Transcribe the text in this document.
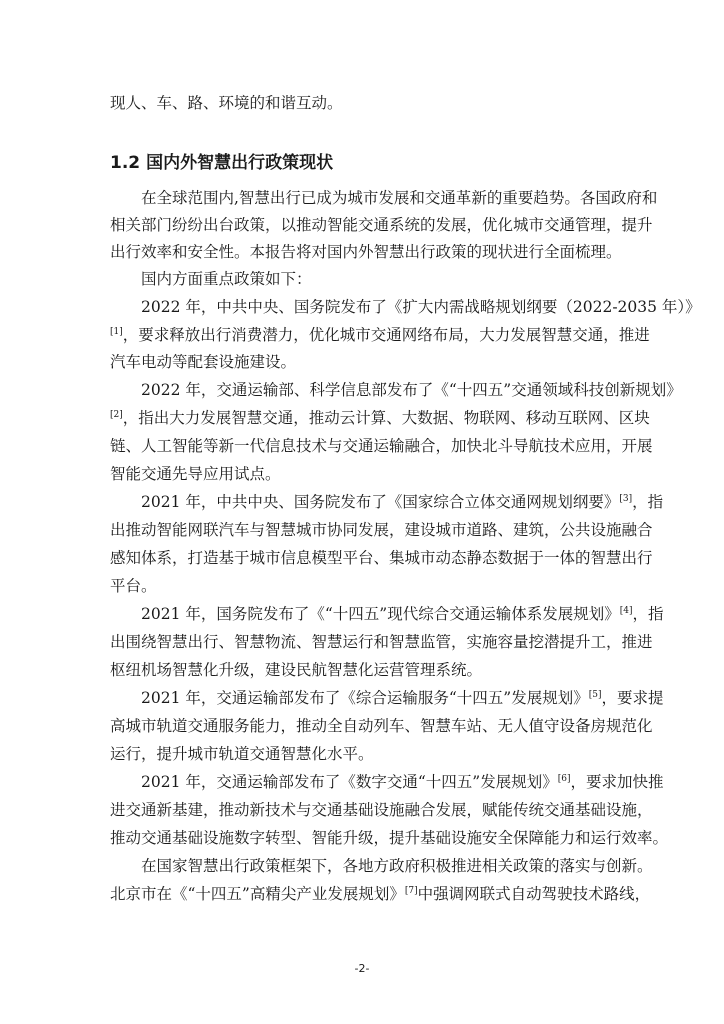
现人、车、路、环境的和谐互动。
1.2 国内外智慧出行政策现状
在全球范围内,智慧出行已成为城市发展和交通革新的重要趋势。各国政府和
相关部门纷纷出台政策，以推动智能交通系统的发展，优化城市交通管理，提升
出行效率和安全性。本报告将对国内外智慧出行政策的现状进行全面梳理。
国内方面重点政策如下：
2022 年，中共中央、国务院发布了《扩大内需战略规划纲要（2022-2035 年）》
[1]，要求释放出行消费潜力，优化城市交通网络布局，大力发展智慧交通，推进
汽车电动等配套设施建设。
2022 年，交通运输部、科学信息部发布了《“十四五”交通领域科技创新规划》
[2]，指出大力发展智慧交通，推动云计算、大数据、物联网、移动互联网、区块
链、人工智能等新一代信息技术与交通运输融合，加快北斗导航技术应用，开展
智能交通先导应用试点。
2021 年，中共中央、国务院发布了《国家综合立体交通网规划纲要》[3]，指
出推动智能网联汽车与智慧城市协同发展，建设城市道路、建筑，公共设施融合
感知体系，打造基于城市信息模型平台、集城市动态静态数据于一体的智慧出行
平台。
2021 年，国务院发布了《“十四五”现代综合交通运输体系发展规划》[4]，指
出围绕智慧出行、智慧物流、智慧运行和智慧监管，实施容量挖潜提升工，推进
枢纽机场智慧化升级，建设民航智慧化运营管理系统。
2021 年，交通运输部发布了《综合运输服务“十四五”发展规划》[5]，要求提
高城市轨道交通服务能力，推动全自动列车、智慧车站、无人值守设备房规范化
运行，提升城市轨道交通智慧化水平。
2021 年，交通运输部发布了《数字交通“十四五”发展规划》[6]，要求加快推
进交通新基建，推动新技术与交通基础设施融合发展，赋能传统交通基础设施，
推动交通基础设施数字转型、智能升级，提升基础设施安全保障能力和运行效率。
在国家智慧出行政策框架下，各地方政府积极推进相关政策的落实与创新。
北京市在《“十四五”高精尖产业发展规划》[7]中强调网联式自动驾驶技术路线，
-2-
